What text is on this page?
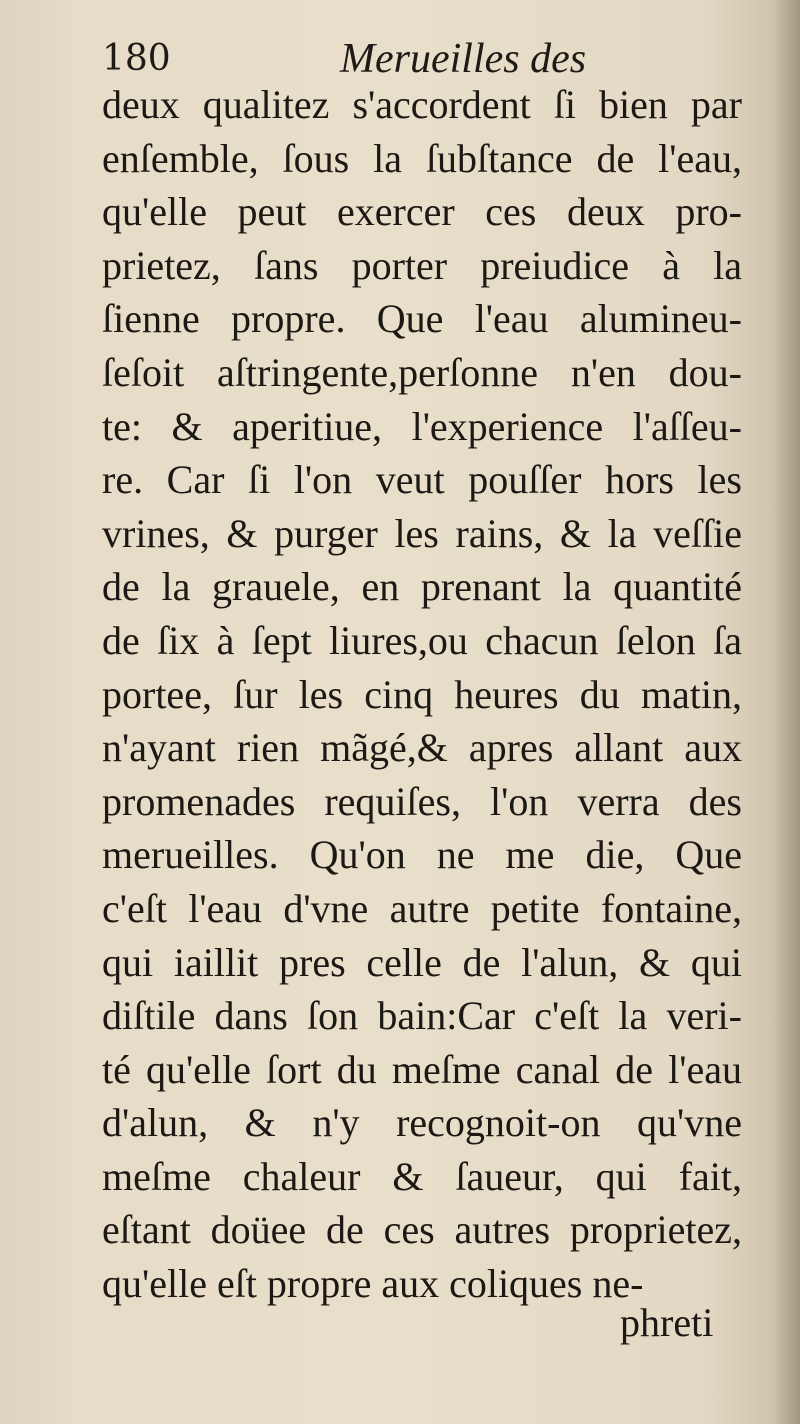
180	Merueilles des
deux qualitez s'accordent ſi bien par
enſemble, ſous la ſubſtance de l'eau,
qu'elle peut exercer ces deux pro-
prietez, ſans porter preiudice à la
ſienne propre. Que l'eau alumineu-
ſeſoit aſtringente,perſonne n'en dou-
te: & aperitiue, l'experience l'aſſeu-
re. Car ſi l'on veut pouſſer hors les
vrines, & purger les rains, & la veſſie
de la grauele, en prenant la quantité
de ſix à ſept liures,ou chacun ſelon ſa
portee, ſur les cinq heures du matin,
n'ayant rien mãgé,& apres allant aux
promenades requiſes, l'on verra des
merueilles. Qu'on ne me die, Que
c'eſt l'eau d'vne autre petite fontaine,
qui iaillit pres celle de l'alun, & qui
diſtile dans ſon bain:Car c'eſt la veri-
té qu'elle ſort du meſme canal de l'eau
d'alun, & n'y recognoit-on qu'vne
meſme chaleur & ſaueur, qui fait,
eſtant doüee de ces autres proprietez,
qu'elle eſt propre aux coliques ne-
phreti
